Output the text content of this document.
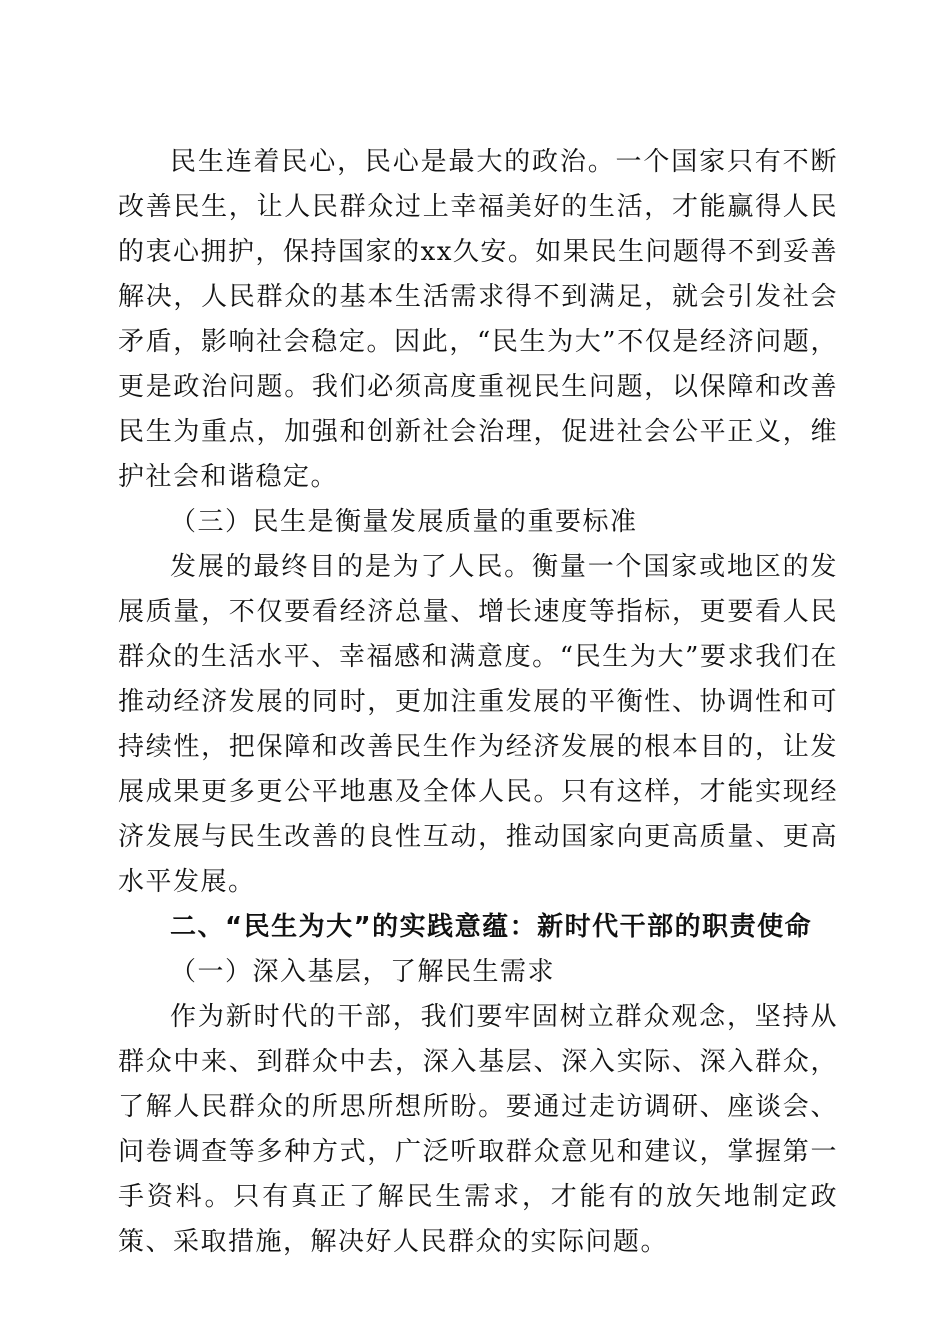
民生连着民心，民心是最大的政治。一个国家只有不断改善民生，让人民群众过上幸福美好的生活，才能赢得人民的衷心拥护，保持国家的xx久安。如果民生问题得不到妥善解决，人民群众的基本生活需求得不到满足，就会引发社会矛盾，影响社会稳定。因此，“民生为大”不仅是经济问题，更是政治问题。我们必须高度重视民生问题，以保障和改善民生为重点，加强和创新社会治理，促进社会公平正义，维护社会和谐稳定。

（三）民生是衡量发展质量的重要标准

发展的最终目的是为了人民。衡量一个国家或地区的发展质量，不仅要看经济总量、增长速度等指标，更要看人民群众的生活水平、幸福感和满意度。“民生为大”要求我们在推动经济发展的同时，更加注重发展的平衡性、协调性和可持续性，把保障和改善民生作为经济发展的根本目的，让发展成果更多更公平地惠及全体人民。只有这样，才能实现经济发展与民生改善的良性互动，推动国家向更高质量、更高水平发展。

二、“民生为大”的实践意蕴：新时代干部的职责使命

（一）深入基层，了解民生需求

作为新时代的干部，我们要牢固树立群众观念，坚持从群众中来、到群众中去，深入基层、深入实际、深入群众，了解人民群众的所思所想所盼。要通过走访调研、座谈会、问卷调查等多种方式，广泛听取群众意见和建议，掌握第一手资料。只有真正了解民生需求，才能有的放矢地制定政策、采取措施，解决好人民群众的实际问题。
